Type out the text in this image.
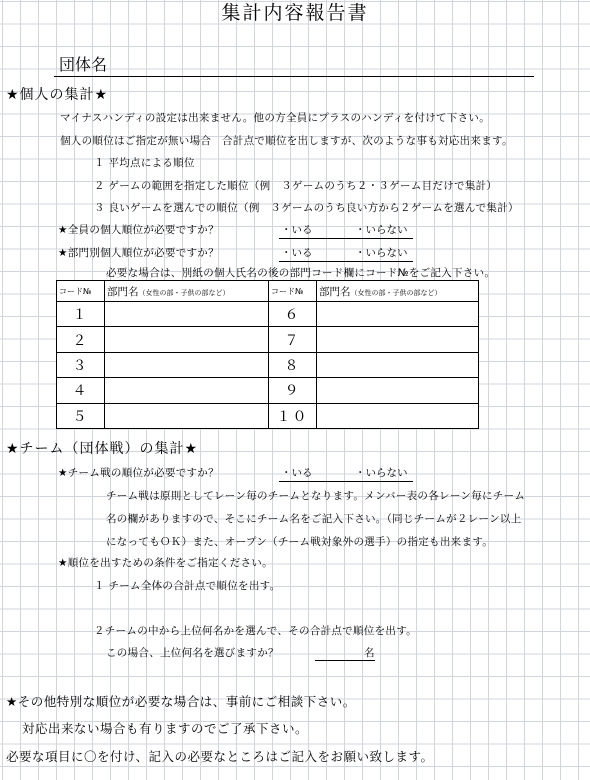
集計内容報告書
団体名
★個人の集計★
マイナスハンディの設定は出来ません。他の方全員にプラスのハンディを付けて下さい。
個人の順位はご指定が無い場合　合計点で順位を出しますが、次のような事も対応出来ます。
１ 平均点による順位
２ ゲームの範囲を指定した順位（例　３ゲームのうち２・３ゲーム目だけで集計）
３ 良いゲームを選んでの順位（例　３ゲームのうち良い方から２ゲームを選んで集計）
★全員の個人順位が必要ですか？	・いる	・いらない
★部門別個人順位が必要ですか？	・いる	・いらない
必要な場合は、別紙の個人氏名の後の部門コード欄にコード№をご記入下さい。
コード№	部門名（女性の部・子供の部など）	コード№	部門名（女性の部・子供の部など）
１		６	
２		７	
３		８	
４		９	
５		１０	
★チーム（団体戦）の集計★
★チーム戦の順位が必要ですか？	・いる	・いらない
チーム戦は原則としてレーン毎のチームとなります。メンバー表の各レーン毎にチーム
名の欄がありますので、そこにチーム名をご記入下さい。（同じチームが２レーン以上
になってもＯＫ）また、オープン（チーム戦対象外の選手）の指定も出来ます。
★順位を出すための条件をご指定ください。
１ チーム全体の合計点で順位を出す。
２チームの中から上位何名かを選んで、その合計点で順位を出す。
この場合、上位何名を選びますか？	名
★その他特別な順位が必要な場合は、事前にご相談下さい。
対応出来ない場合も有りますのでご了承下さい。
必要な項目に〇を付け、記入の必要なところはご記入をお願い致します。
